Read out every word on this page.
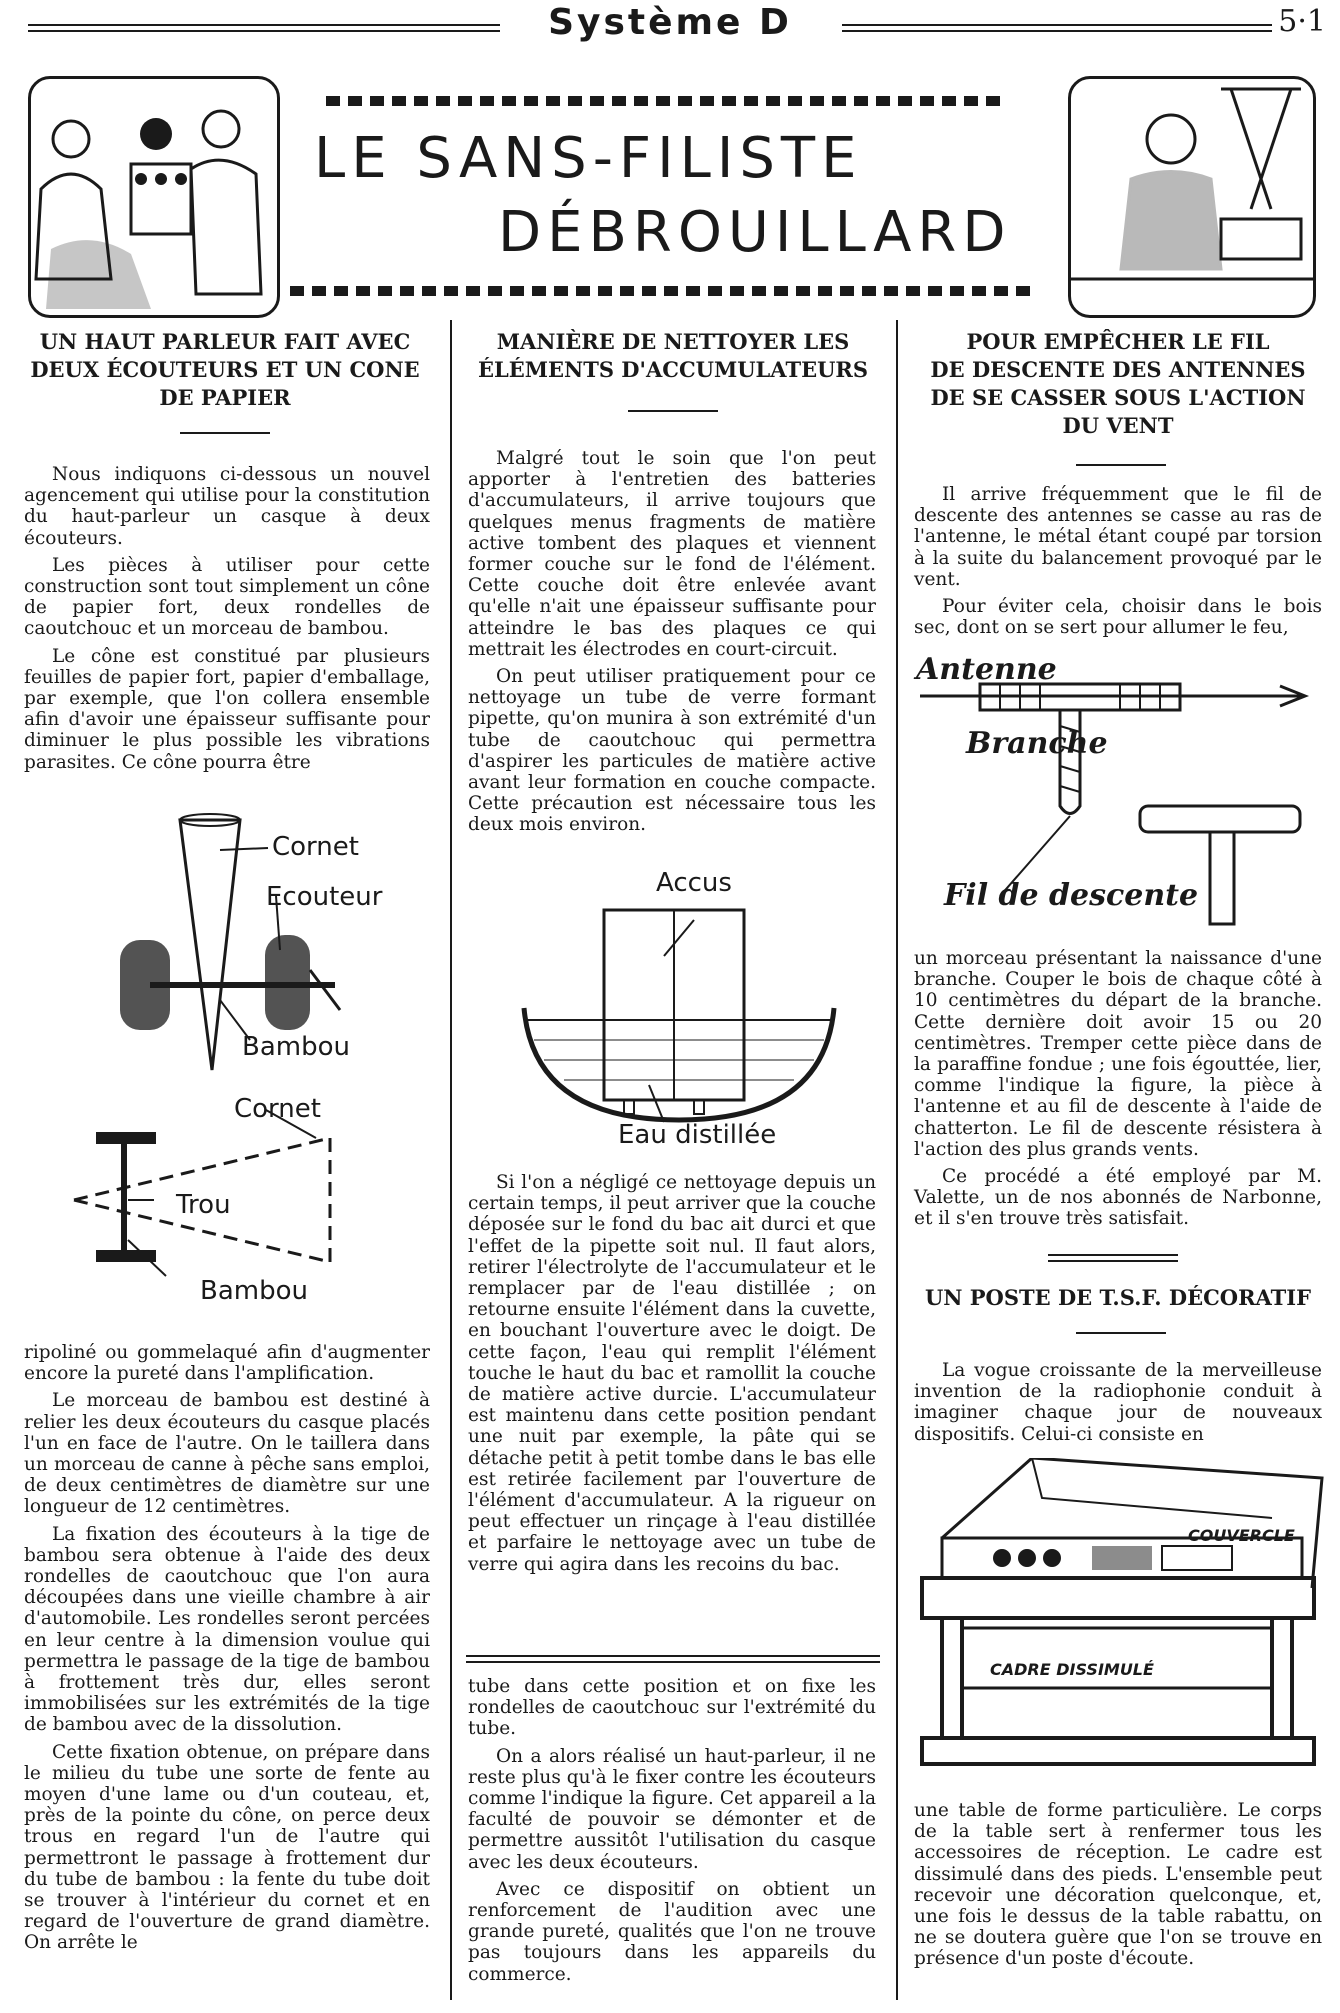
Système D	5·1
LE SANS-FILISTE
DÉBROUILLARD
UN HAUT PARLEUR FAIT AVEC
DEUX ÉCOUTEURS ET UN CONE
DE PAPIER

Nous indiquons ci-dessous un nouvel agencement qui utilise pour la constitution du haut-parleur un casque à deux écouteurs.

Les pièces à utiliser pour cette construction sont tout simplement un cône de papier fort, deux rondelles de caoutchouc et un morceau de bambou.

Le cône est constitué par plusieurs feuilles de papier fort, papier d'emballage, par exemple, que l'on collera ensemble afin d'avoir une épaisseur suffisante pour diminuer le plus possible les vibrations parasites. Ce cône pourra être

Cornet
Ecouteur
Bambou
Cornet
Trou
Bambou

ripoliné ou gommelaqué afin d'augmenter encore la pureté dans l'amplification.

Le morceau de bambou est destiné à relier les deux écouteurs du casque placés l'un en face de l'autre. On le taillera dans un morceau de canne à pêche sans emploi, de deux centimètres de diamètre sur une longueur de 12 centimètres.

La fixation des écouteurs à la tige de bambou sera obtenue à l'aide des deux rondelles de caoutchouc que l'on aura découpées dans une vieille chambre à air d'automobile. Les rondelles seront percées en leur centre à la dimension voulue qui permettra le passage de la tige de bambou à frottement très dur, elles seront immobilisées sur les extrémités de la tige de bambou avec de la dissolution.

Cette fixation obtenue, on prépare dans le milieu du tube une sorte de fente au moyen d'une lame ou d'un couteau, et, près de la pointe du cône, on perce deux trous en regard l'un de l'autre qui permettront le passage à frottement dur du tube de bambou : la fente du tube doit se trouver à l'intérieur du cornet et en regard de l'ouverture de grand diamètre. On arrête le

MANIÈRE DE NETTOYER LES
ÉLÉMENTS D'ACCUMULATEURS

Malgré tout le soin que l'on peut apporter à l'entretien des batteries d'accumulateurs, il arrive toujours que quelques menus fragments de matière active tombent des plaques et viennent former couche sur le fond de l'élément. Cette couche doit être enlevée avant qu'elle n'ait une épaisseur suffisante pour atteindre le bas des plaques ce qui mettrait les électrodes en court-circuit.

On peut utiliser pratiquement pour ce nettoyage un tube de verre formant pipette, qu'on munira à son extrémité d'un tube de caoutchouc qui permettra d'aspirer les particules de matière active avant leur formation en couche compacte. Cette précaution est nécessaire tous les deux mois environ.

Accus
Eau distillée

Si l'on a négligé ce nettoyage depuis un certain temps, il peut arriver que la couche déposée sur le fond du bac ait durci et que l'effet de la pipette soit nul. Il faut alors, retirer l'électrolyte de l'accumulateur et le remplacer par de l'eau distillée ; on retourne ensuite l'élément dans la cuvette, en bouchant l'ouverture avec le doigt. De cette façon, l'eau qui remplit l'élément touche le haut du bac et ramollit la couche de matière active durcie. L'accumulateur est maintenu dans cette position pendant une nuit par exemple, la pâte qui se détache petit à petit tombe dans le bas elle est retirée facilement par l'ouverture de l'élément d'accumulateur. A la rigueur on peut effectuer un rinçage à l'eau distillée et parfaire le nettoyage avec un tube de verre qui agira dans les recoins du bac.

tube dans cette position et on fixe les rondelles de caoutchouc sur l'extrémité du tube.

On a alors réalisé un haut-parleur, il ne reste plus qu'à le fixer contre les écouteurs comme l'indique la figure. Cet appareil a la faculté de pouvoir se démonter et de permettre aussitôt l'utilisation du casque avec les deux écouteurs.

Avec ce dispositif on obtient un renforcement de l'audition avec une grande pureté, qualités que l'on ne trouve pas toujours dans les appareils du commerce.

POUR EMPÊCHER LE FIL
DE DESCENTE DES ANTENNES
DE SE CASSER SOUS L'ACTION
DU VENT

Il arrive fréquemment que le fil de descente des antennes se casse au ras de l'antenne, le métal étant coupé par torsion à la suite du balancement provoqué par le vent.

Pour éviter cela, choisir dans le bois sec, dont on se sert pour allumer le feu,

Antenne
Branche
Fil de descente

un morceau présentant la naissance d'une branche. Couper le bois de chaque côté à 10 centimètres du départ de la branche. Cette dernière doit avoir 15 ou 20 centimètres. Tremper cette pièce dans de la paraffine fondue ; une fois égouttée, lier, comme l'indique la figure, la pièce à l'antenne et au fil de descente à l'aide de chatterton. Le fil de descente résistera à l'action des plus grands vents.

Ce procédé a été employé par M. Valette, un de nos abonnés de Narbonne, et il s'en trouve très satisfait.

UN POSTE DE T.S.F. DÉCORATIF

La vogue croissante de la merveilleuse invention de la radiophonie conduit à imaginer chaque jour de nouveaux dispositifs. Celui-ci consiste en

COUVERCLE
CADRE DISSIMULÉ

une table de forme particulière. Le corps de la table sert à renfermer tous les accessoires de réception. Le cadre est dissimulé dans des pieds. L'ensemble peut recevoir une décoration quelconque, et, une fois le dessus de la table rabattu, on ne se doutera guère que l'on se trouve en présence d'un poste d'écoute.
